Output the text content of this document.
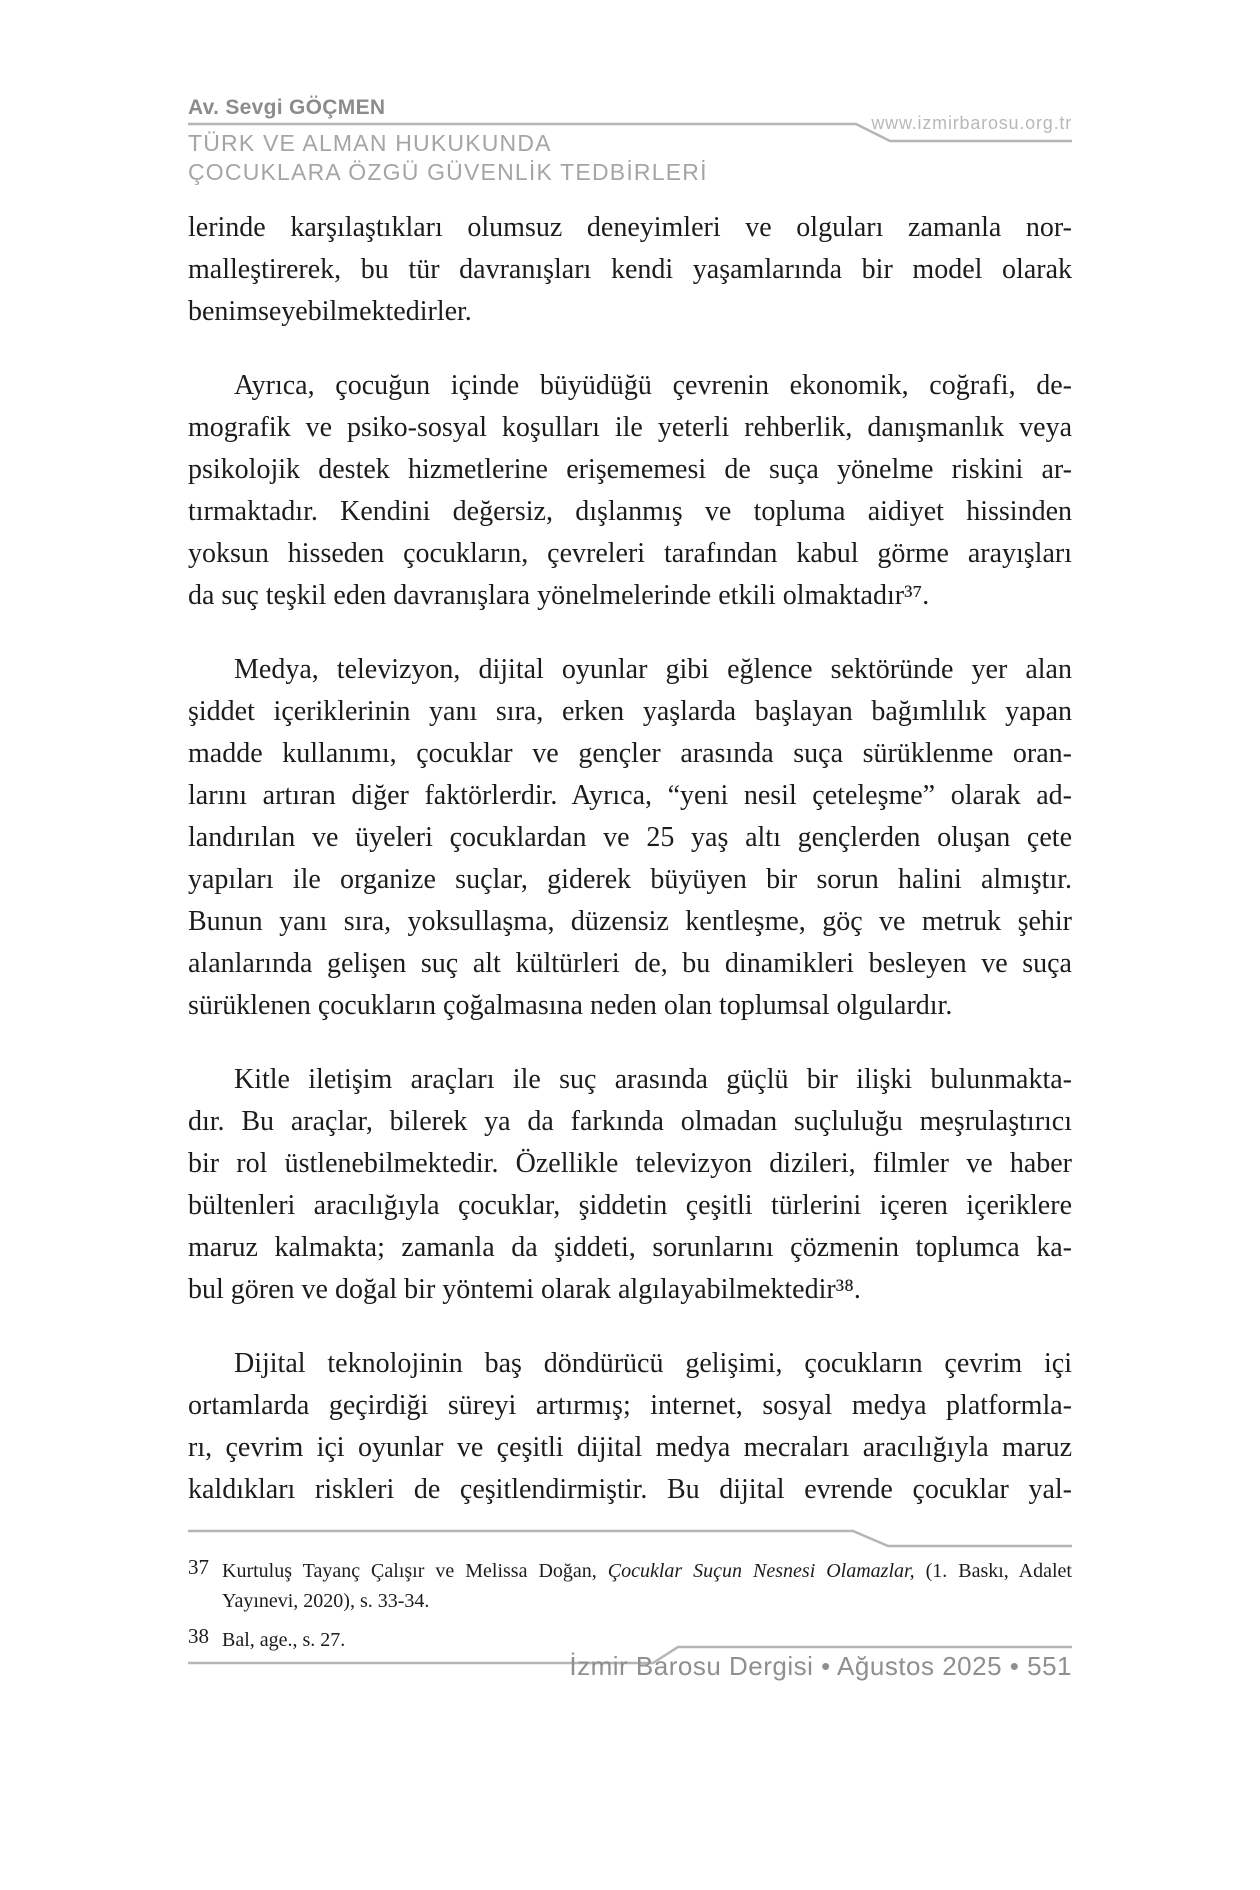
Av. Sevgi GÖÇMEN
www.izmirbarosu.org.tr
TÜRK VE ALMAN HUKUKUNDA
ÇOCUKLARA ÖZGÜ GÜVENLİK TEDBİRLERİ
lerinde karşılaştıkları olumsuz deneyimleri ve olguları zamanla nor-
malleştirerek, bu tür davranışları kendi yaşamlarında bir model olarak
benimseyebilmektedirler.
Ayrıca, çocuğun içinde büyüdüğü çevrenin ekonomik, coğrafi, de-
mografik ve psiko-sosyal koşulları ile yeterli rehberlik, danışmanlık veya
psikolojik destek hizmetlerine erişememesi de suça yönelme riskini ar-
tırmaktadır. Kendini değersiz, dışlanmış ve topluma aidiyet hissinden
yoksun hisseden çocukların, çevreleri tarafından kabul görme arayışları
da suç teşkil eden davranışlara yönelmelerinde etkili olmaktadır³⁷.
Medya, televizyon, dijital oyunlar gibi eğlence sektöründe yer alan
şiddet içeriklerinin yanı sıra, erken yaşlarda başlayan bağımlılık yapan
madde kullanımı, çocuklar ve gençler arasında suça sürüklenme oran-
larını artıran diğer faktörlerdir. Ayrıca, “yeni nesil çeteleşme” olarak ad-
landırılan ve üyeleri çocuklardan ve 25 yaş altı gençlerden oluşan çete
yapıları ile organize suçlar, giderek büyüyen bir sorun halini almıştır.
Bunun yanı sıra, yoksullaşma, düzensiz kentleşme, göç ve metruk şehir
alanlarında gelişen suç alt kültürleri de, bu dinamikleri besleyen ve suça
sürüklenen çocukların çoğalmasına neden olan toplumsal olgulardır.
Kitle iletişim araçları ile suç arasında güçlü bir ilişki bulunmakta-
dır. Bu araçlar, bilerek ya da farkında olmadan suçluluğu meşrulaştırıcı
bir rol üstlenebilmektedir. Özellikle televizyon dizileri, filmler ve haber
bültenleri aracılığıyla çocuklar, şiddetin çeşitli türlerini içeren içeriklere
maruz kalmakta; zamanla da şiddeti, sorunlarını çözmenin toplumca ka-
bul gören ve doğal bir yöntemi olarak algılayabilmektedir³⁸.
Dijital teknolojinin baş döndürücü gelişimi, çocukların çevrim içi
ortamlarda geçirdiği süreyi artırmış; internet, sosyal medya platformla-
rı, çevrim içi oyunlar ve çeşitli dijital medya mecraları aracılığıyla maruz
kaldıkları riskleri de çeşitlendirmiştir. Bu dijital evrende çocuklar yal-
37 Kurtuluş Tayanç Çalışır ve Melissa Doğan, Çocuklar Suçun Nesnesi Olamazlar, (1. Baskı, Adalet Yayınevi, 2020), s. 33-34.
38 Bal, age., s. 27.
İzmir Barosu Dergisi • Ağustos 2025 • 551
